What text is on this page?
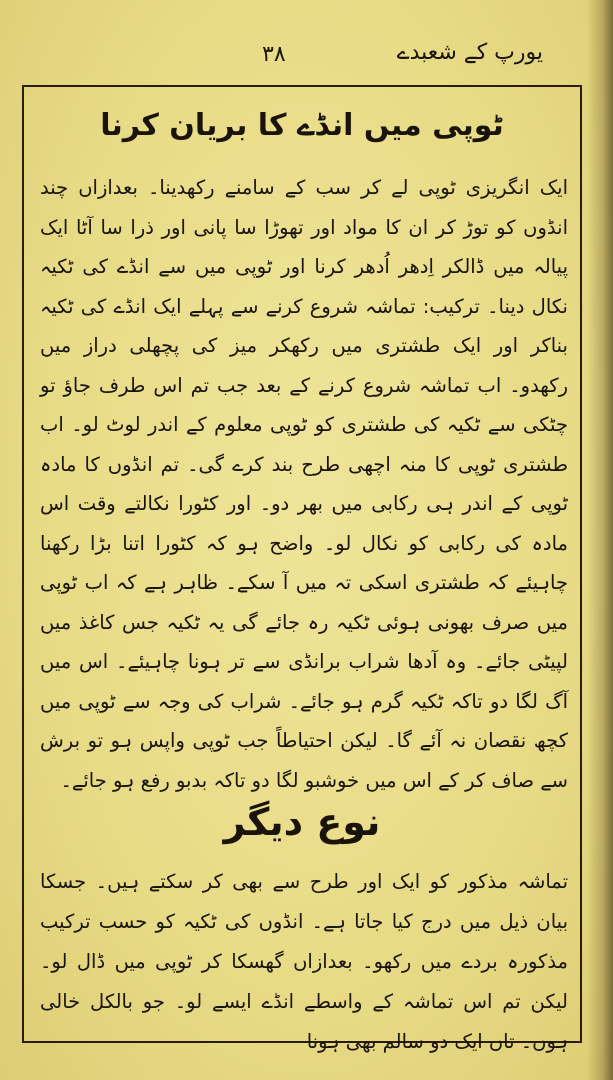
۳۸	یورپ کے شعبدے
ٹوپی میں انڈے کا بریان کرنا

ایک انگریزی ٹوپی لے کر سب کے سامنے رکھدینا۔ بعدازاں چند انڈوں کو توڑ کر ان کا مواد اور تھوڑا سا پانی اور ذرا سا آٹا ایک پیالہ میں ڈالکر اِدھر اُدھر کرنا اور ٹوپی میں سے انڈے کی ٹکیہ نکال دینا۔ ترکیب: تماشہ شروع کرنے سے پہلے ایک انڈے کی ٹکیہ بناکر اور ایک طشتری میں رکھکر میز کی پچھلی دراز میں رکھدو۔ اب تماشہ شروع کرنے کے بعد جب تم اس طرف جاؤ تو چٹکی سے ٹکیہ کی طشتری کو ٹوپی معلوم کے اندر لوٹ لو۔ اب طشتری ٹوپی کا منہ اچھی طرح بند کرے گی۔ تم انڈوں کا مادہ ٹوپی کے اندر ہی رکابی میں بھر دو۔ اور کٹورا نکالتے وقت اس مادہ کی رکابی کو نکال لو۔ واضح ہو کہ کٹورا اتنا بڑا رکھنا چاہیئے کہ طشتری اسکی تہ میں آ سکے۔ ظاہر ہے کہ اب ٹوپی میں صرف بھونی ہوئی ٹکیہ رہ جائے گی یہ ٹکیہ جس کاغذ میں لپیٹی جائے۔ وہ آدھا شراب برانڈی سے تر ہونا چاہیئے۔ اس میں آگ لگا دو تاکہ ٹکیہ گرم ہو جائے۔ شراب کی وجہ سے ٹوپی میں کچھ نقصان نہ آئے گا۔ لیکن احتیاطاً جب ٹوپی واپس ہو تو برش سے صاف کر کے اس میں خوشبو لگا دو تاکہ بدبو رفع ہو جائے۔

نوع دیگر

تماشہ مذکور کو ایک اور طرح سے بھی کر سکتے ہیں۔ جسکا بیان ذیل میں درج کیا جاتا ہے۔ انڈوں کی ٹکیہ کو حسب ترکیب مذکورہ بردے میں رکھو۔ بعدازاں گھسکا کر ٹوپی میں ڈال لو۔ لیکن تم اس تماشہ کے واسطے انڈے ایسے لو۔ جو بالکل خالی ہوں۔ تاں ایک دو سالم بھی ہونا
